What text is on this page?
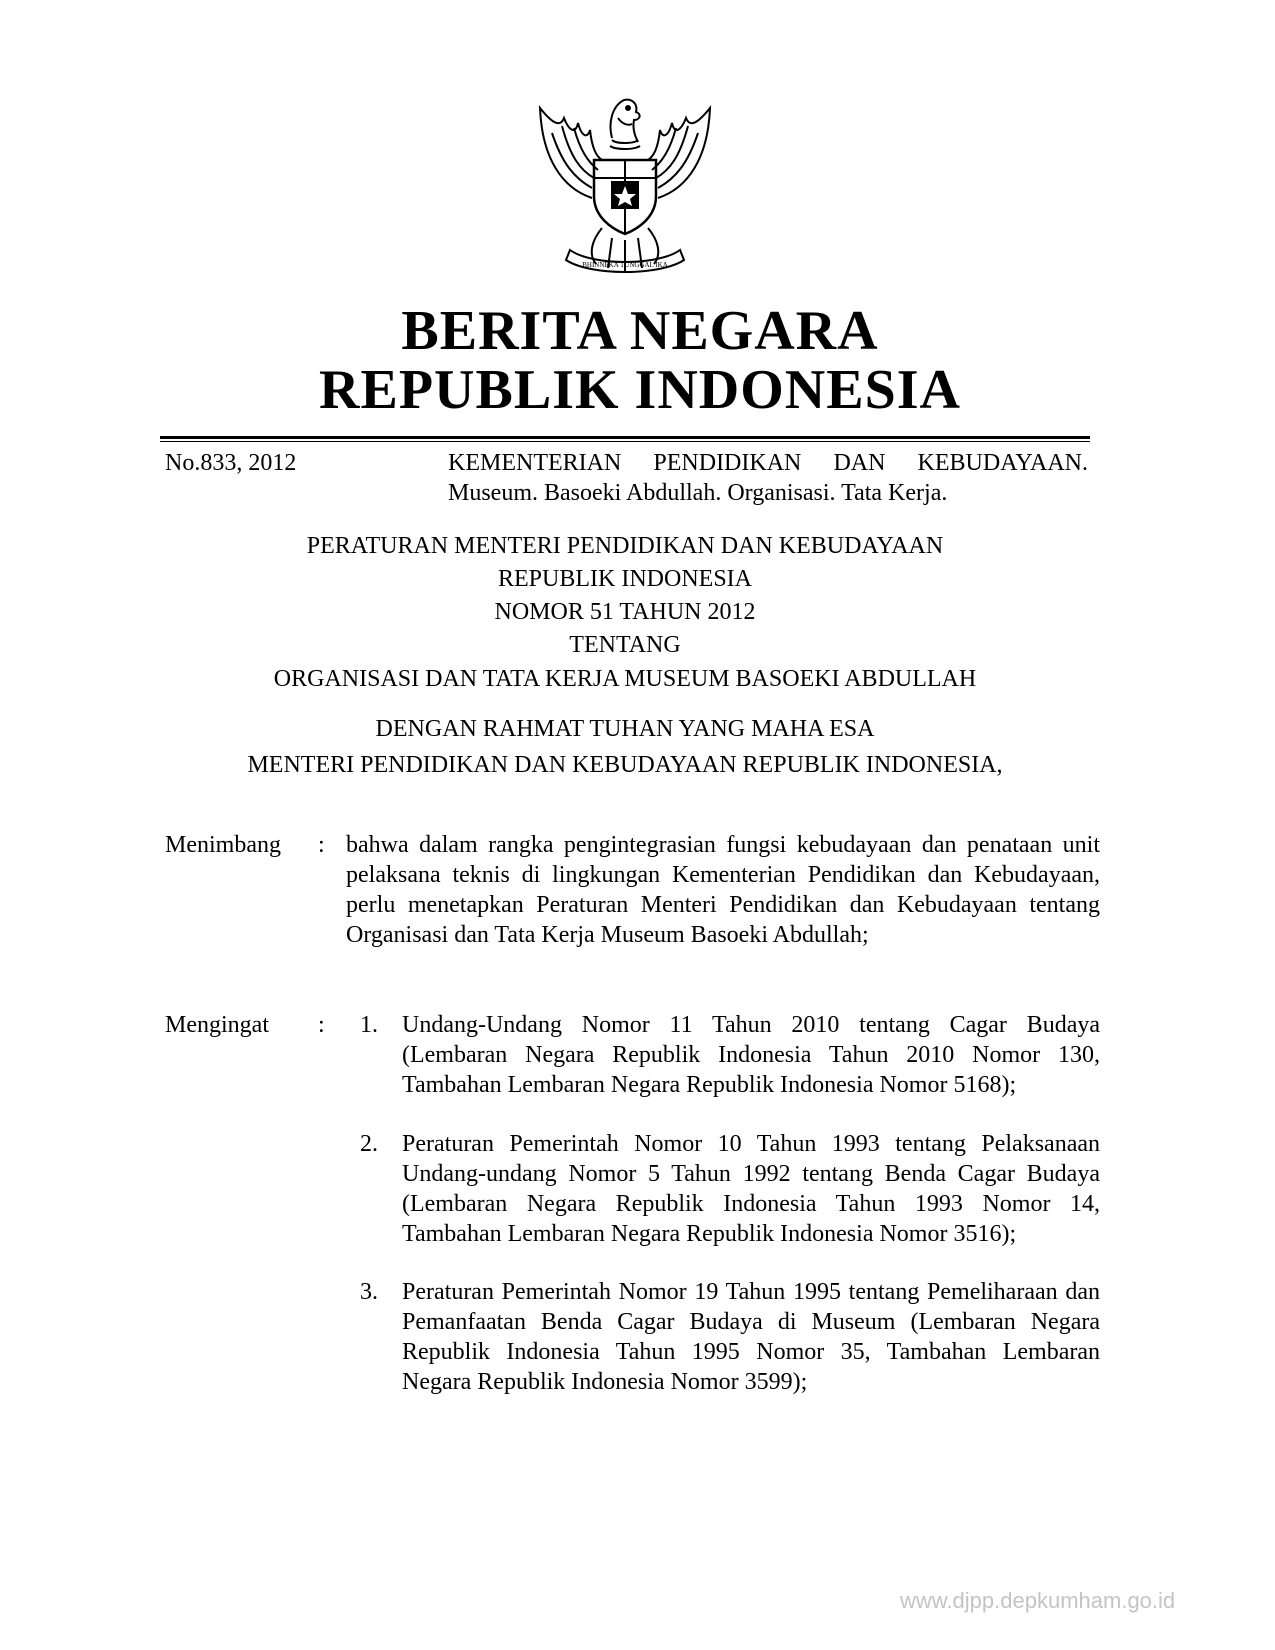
BHINNEKA TUNGGAL IKA
BERITA NEGARA
REPUBLIK INDONESIA
No.833, 2012	KEMENTERIAN PENDIDIKAN DAN KEBUDAYAAN.
Museum. Basoeki Abdullah. Organisasi. Tata Kerja.
PERATURAN MENTERI PENDIDIKAN DAN KEBUDAYAAN
REPUBLIK INDONESIA
NOMOR 51 TAHUN 2012
TENTANG
ORGANISASI DAN TATA KERJA MUSEUM BASOEKI ABDULLAH
DENGAN RAHMAT TUHAN YANG MAHA ESA
MENTERI PENDIDIKAN DAN KEBUDAYAAN REPUBLIK INDONESIA,
Menimbang : bahwa dalam rangka pengintegrasian fungsi kebudayaan dan penataan unit pelaksana teknis di lingkungan Kementerian Pendidikan dan Kebudayaan, perlu menetapkan Peraturan Menteri Pendidikan dan Kebudayaan tentang Organisasi dan Tata Kerja Museum Basoeki Abdullah;
Mengingat : 1. Undang-Undang Nomor 11 Tahun 2010 tentang Cagar Budaya (Lembaran Negara Republik Indonesia Tahun 2010 Nomor 130, Tambahan Lembaran Negara Republik Indonesia Nomor 5168);
2. Peraturan Pemerintah Nomor 10 Tahun 1993 tentang Pelaksanaan Undang-undang Nomor 5 Tahun 1992 tentang Benda Cagar Budaya (Lembaran Negara Republik Indonesia Tahun 1993 Nomor 14, Tambahan Lembaran Negara Republik Indonesia Nomor 3516);
3. Peraturan Pemerintah Nomor 19 Tahun 1995 tentang Pemeliharaan dan Pemanfaatan Benda Cagar Budaya di Museum (Lembaran Negara Republik Indonesia Tahun 1995 Nomor 35, Tambahan Lembaran Negara Republik Indonesia Nomor 3599);
www.djpp.depkumham.go.id
